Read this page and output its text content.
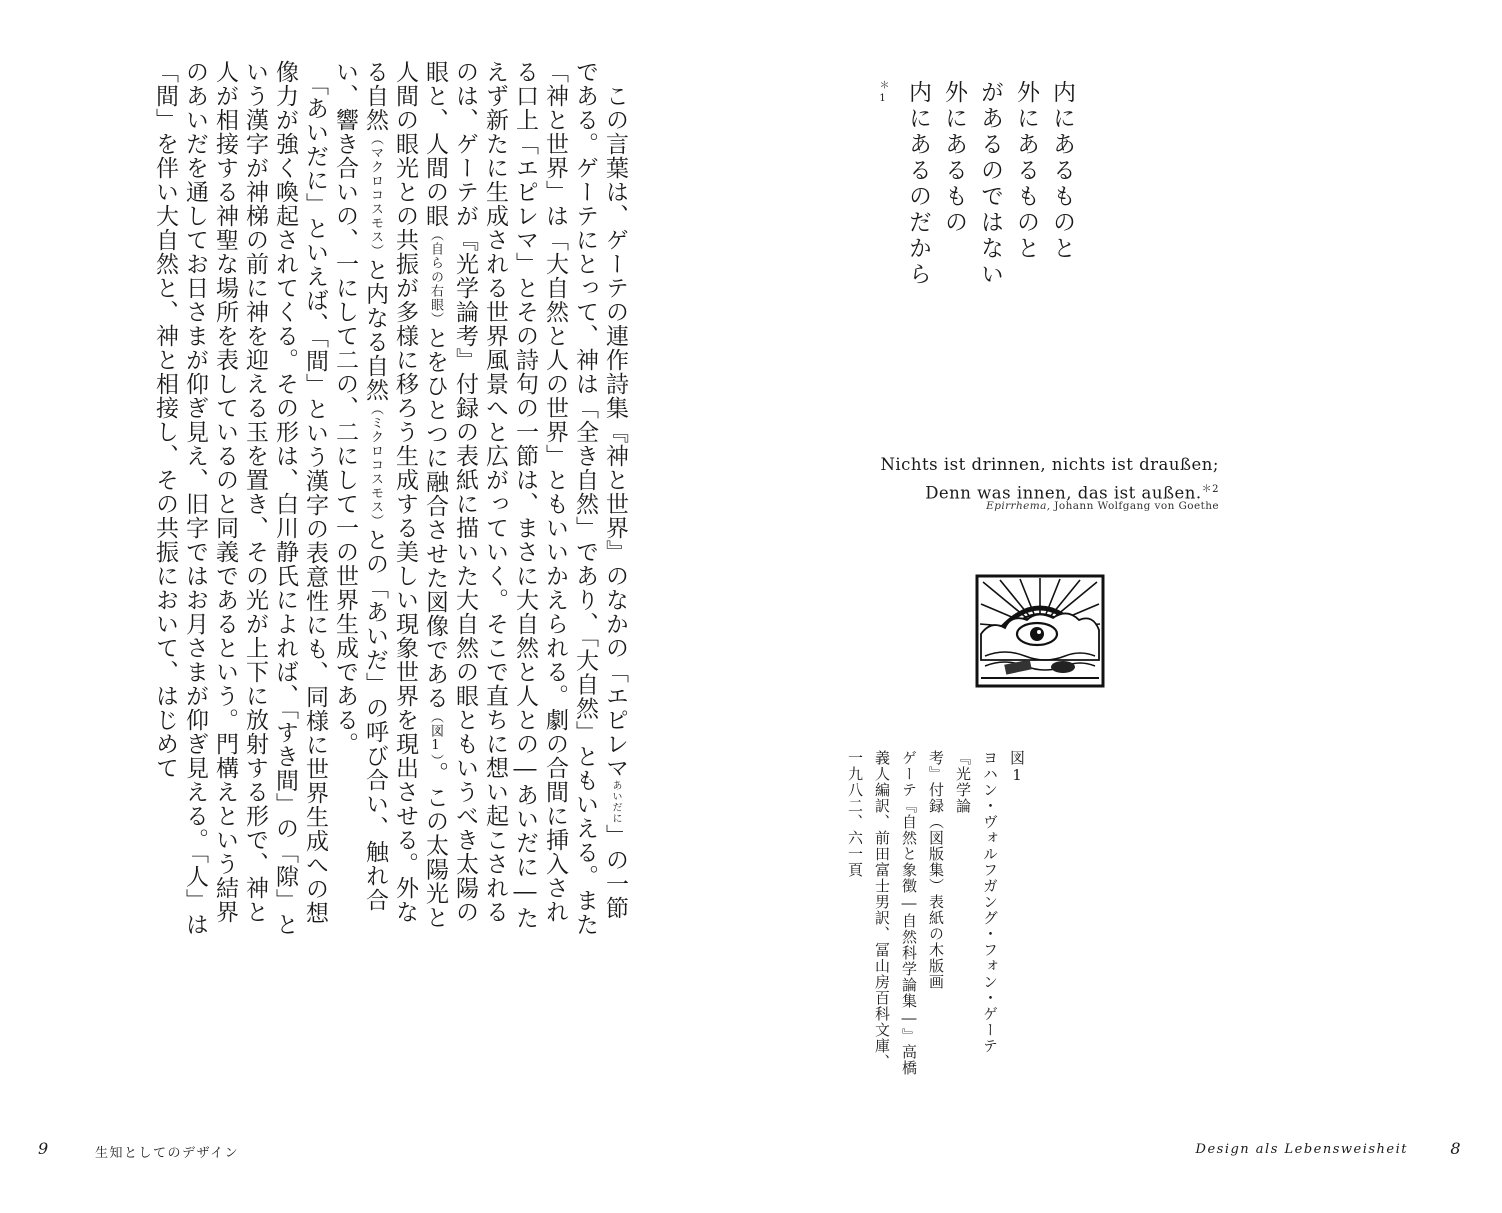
　この言葉は、ゲーテの連作詩集『神と世界』のなかの「エピレマあいだに」の一節である。ゲーテにとって、神は「全き自然」であり、「大自然」ともいえる。また「神と世界」は「大自然と人の世界」ともいいかえられる。劇の合間に挿入される口上「エピレマ」とその詩句の一節は、まさに大自然と人との―あいだに―たえず新たに生成される世界風景へと広がっていく。そこで直ちに想い起こされるのは、ゲーテが『光学論考』付録の表紙に描いた大自然の眼ともいうべき太陽の眼と、人間の眼（自らの右眼）とをひとつに融合させた図像である（図1）。この太陽光と人間の眼光との共振が多様に移ろう生成する美しい現象世界を現出させる。外なる自然（マクロコスモス）と内なる自然（ミクロコスモス）との「あいだ」の呼び合い、触れ合い、響き合いの、一にして二の、二にして一の世界生成である。

　「あいだに」といえば、「間」という漢字の表意性にも、同様に世界生成への想像力が強く喚起されてくる。その形は、白川静氏によれば、「すき間」の「隙」という漢字が神梯の前に神を迎える玉を置き、その光が上下に放射する形で、神と人が相接する神聖な場所を表しているのと同義であるという。門構えという結界のあいだを通してお日さまが仰ぎ見え、旧字ではお月さまが仰ぎ見える。「人」は「間」を伴い大自然と、神と相接し、その共振において、はじめて	内にあるものと
外にあるものと
があるのではない
外にあるもの
内にあるのだから
＊1
Nichts ist drinnen, nichts ist draußen;
Denn was innen, das ist außen.$^{*2}$
Epirrhema, Johann Wolfgang von Goethe
図1
ヨハン・ヴォルフガング・フォン・ゲーテ『光学論
考』付録（図版集）表紙の木版画
ゲーテ『自然と象徴―自然科学論集―』高橋
義人編訳、前田富士男訳、冨山房百科文庫、
一九八二、六一頁
9	生知としてのデザイン	Design als Lebensweisheit	8
